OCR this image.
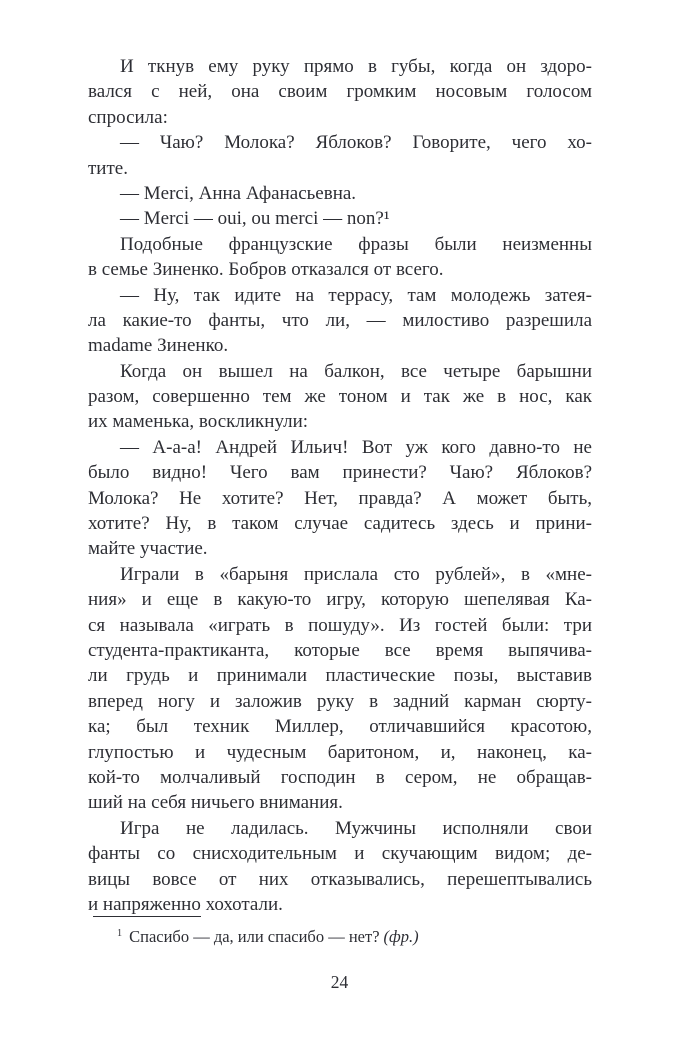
И ткнув ему руку прямо в губы, когда он здоро-
вался с ней, она своим громким носовым голосом
спросила:
— Чаю? Молока? Яблоков? Говорите, чего хо-
тите.
— Merci, Анна Афанасьевна.
— Merci — oui, ou merci — non?¹
Подобные французские фразы были неизменны
в семье Зиненко. Бобров отказался от всего.
— Ну, так идите на террасу, там молодежь затея-
ла какие-то фанты, что ли, — милостиво разрешила
madame Зиненко.
Когда он вышел на балкон, все четыре барышни
разом, совершенно тем же тоном и так же в нос, как
их маменька, воскликнули:
— А-а-а! Андрей Ильич! Вот уж кого давно-то не
было видно! Чего вам принести? Чаю? Яблоков?
Молока? Не хотите? Нет, правда? А может быть,
хотите? Ну, в таком случае садитесь здесь и прини-
майте участие.
Играли в «барыня прислала сто рублей», в «мне-
ния» и еще в какую-то игру, которую шепелявая Ка-
ся называла «играть в пошуду». Из гостей были: три
студента-практиканта, которые все время выпячива-
ли грудь и принимали пластические позы, выставив
вперед ногу и заложив руку в задний карман сюрту-
ка; был техник Миллер, отличавшийся красотою,
глупостью и чудесным баритоном, и, наконец, ка-
кой-то молчаливый господин в сером, не обращав-
ший на себя ничьего внимания.
Игра не ладилась. Мужчины исполняли свои
фанты со снисходительным и скучающим видом; де-
вицы вовсе от них отказывались, перешептывались
и напряженно хохотали.
$^1$ Спасибо — да, или спасибо — нет? (фр.)
24
